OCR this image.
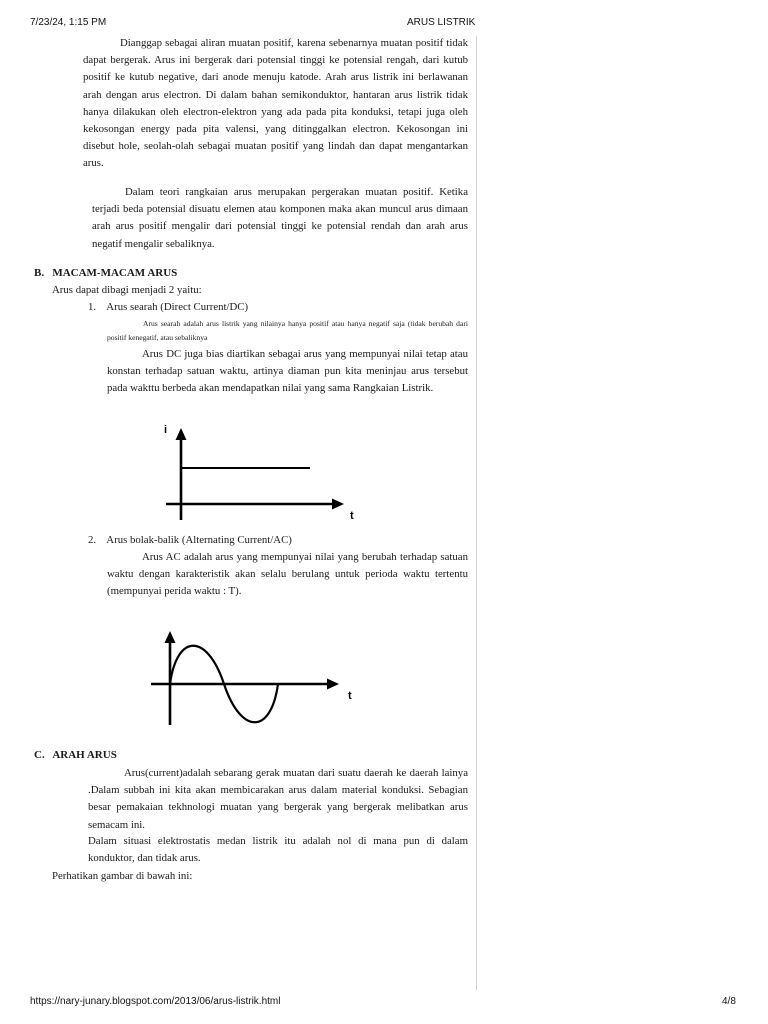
7/23/24, 1:15 PM	ARUS LISTRIK

Dianggap sebagai aliran muatan positif, karena sebenarnya muatan positif tidak dapat bergerak. Arus ini bergerak dari potensial tinggi ke potensial rengah, dari kutub positif ke kutub negative, dari anode menuju katode. Arah arus listrik ini berlawanan arah dengan arus electron. Di dalam bahan semikonduktor, hantaran arus listrik tidak hanya dilakukan oleh electron-elektron yang ada pada pita konduksi, tetapi juga oleh kekosongan energy pada pita valensi, yang ditinggalkan electron. Kekosongan ini disebut hole, seolah-olah sebagai muatan positif yang lindah dan dapat mengantarkan arus.

Dalam teori rangkaian arus merupakan pergerakan muatan positif. Ketika terjadi beda potensial disuatu elemen atau komponen maka akan muncul arus dimaan arah arus positif mengalir dari potensial tinggi ke potensial rendah dan arah arus negatif mengalir sebaliknya.

B.   MACAM-MACAM ARUS
Arus dapat dibagi menjadi 2 yaitu:
1.    Arus searah (Direct Current/DC)

Arus searah adalah arus listrik yang nilainya hanya positif atau hanya negatif saja (tidak berubah dari positif kenegatif, atau sebaliknya

Arus DC juga bias diartikan sebagai arus yang mempunyai nilai tetap atau konstan terhadap satuan waktu, artinya diaman pun kita meninjau arus tersebut pada wakttu berbeda akan mendapatkan nilai yang sama Rangkaian Listrik.

i
t
2.    Arus bolak-balik (Alternating Current/AC)

Arus AC adalah arus yang mempunyai nilai yang berubah terhadap satuan waktu dengan karakteristik akan selalu berulang untuk perioda waktu tertentu (mempunyai perida waktu : T).

t
C.   ARAH ARUS

Arus(current)adalah sebarang gerak muatan dari suatu daerah ke daerah lainya .Dalam subbah ini kita akan membicarakan arus dalam material konduksi. Sebagian besar pemakaian tekhnologi muatan yang bergerak yang bergerak melibatkan arus semacam ini.

Dalam situasi elektrostatis medan listrik itu adalah nol di mana pun di dalam konduktor, dan tidak arus.

Perhatikan gambar di bawah ini:
https://nary-junary.blogspot.com/2013/06/arus-listrik.html	4/8
